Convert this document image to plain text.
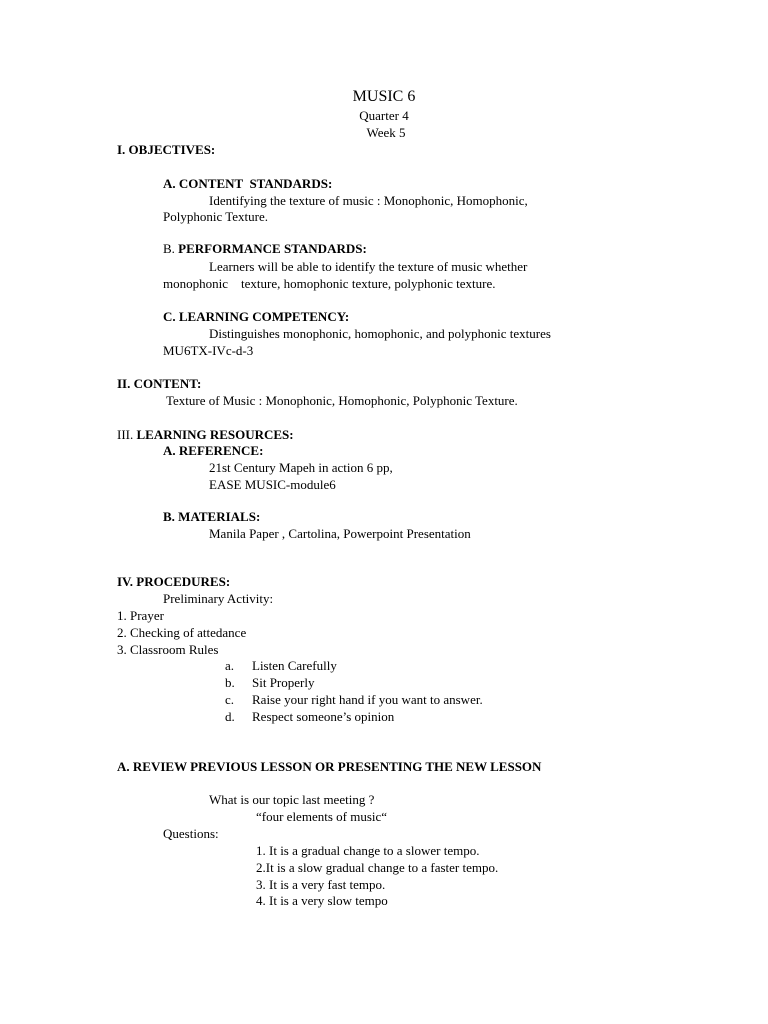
MUSIC 6
Quarter 4
Week 5
I. OBJECTIVES:
A. CONTENT  STANDARDS:
Identifying the texture of music : Monophonic, Homophonic,
Polyphonic Texture.
B. PERFORMANCE STANDARDS:
Learners will be able to identify the texture of music whether
monophonic    texture, homophonic texture, polyphonic texture.
C. LEARNING COMPETENCY:
Distinguishes monophonic, homophonic, and polyphonic textures
MU6TX-IVc-d-3
II. CONTENT:
Texture of Music : Monophonic, Homophonic, Polyphonic Texture.
III. LEARNING RESOURCES:
A. REFERENCE:
21st Century Mapeh in action 6 pp,
EASE MUSIC-module6
B. MATERIALS:
Manila Paper , Cartolina, Powerpoint Presentation
IV. PROCEDURES:
Preliminary Activity:
1. Prayer
2. Checking of attedance
3. Classroom Rules
a. Listen Carefully
b. Sit Properly
c. Raise your right hand if you want to answer.
d. Respect someone’s opinion
A. REVIEW PREVIOUS LESSON OR PRESENTING THE NEW LESSON
What is our topic last meeting ?
“four elements of music“
Questions:
1. It is a gradual change to a slower tempo.
2.It is a slow gradual change to a faster tempo.
3. It is a very fast tempo.
4. It is a very slow tempo
